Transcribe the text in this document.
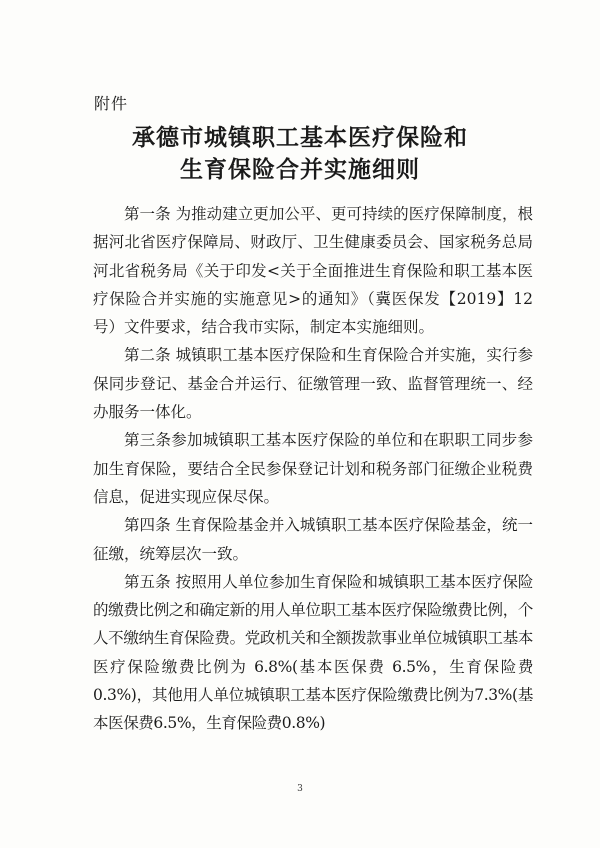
附件
承德市城镇职工基本医疗保险和
生育保险合并实施细则

第一条 为推动建立更加公平、更可持续的医疗保障制度，根据河北省医疗保障局、财政厅、卫生健康委员会、国家税务总局河北省税务局《关于印发<关于全面推进生育保险和职工基本医疗保险合并实施的实施意见>的通知》（冀医保发【2019】12号）文件要求，结合我市实际，制定本实施细则。

第二条 城镇职工基本医疗保险和生育保险合并实施，实行参保同步登记、基金合并运行、征缴管理一致、监督管理统一、经办服务一体化。

第三条参加城镇职工基本医疗保险的单位和在职职工同步参加生育保险，要结合全民参保登记计划和税务部门征缴企业税费信息，促进实现应保尽保。

第四条 生育保险基金并入城镇职工基本医疗保险基金，统一征缴，统筹层次一致。

第五条 按照用人单位参加生育保险和城镇职工基本医疗保险的缴费比例之和确定新的用人单位职工基本医疗保险缴费比例，个人不缴纳生育保险费。党政机关和全额拨款事业单位城镇职工基本医疗保险缴费比例为 6.8%(基本医保费 6.5%，生育保险费 0.3%)，其他用人单位城镇职工基本医疗保险缴费比例为7.3%(基本医保费6.5%，生育保险费0.8%)

3
